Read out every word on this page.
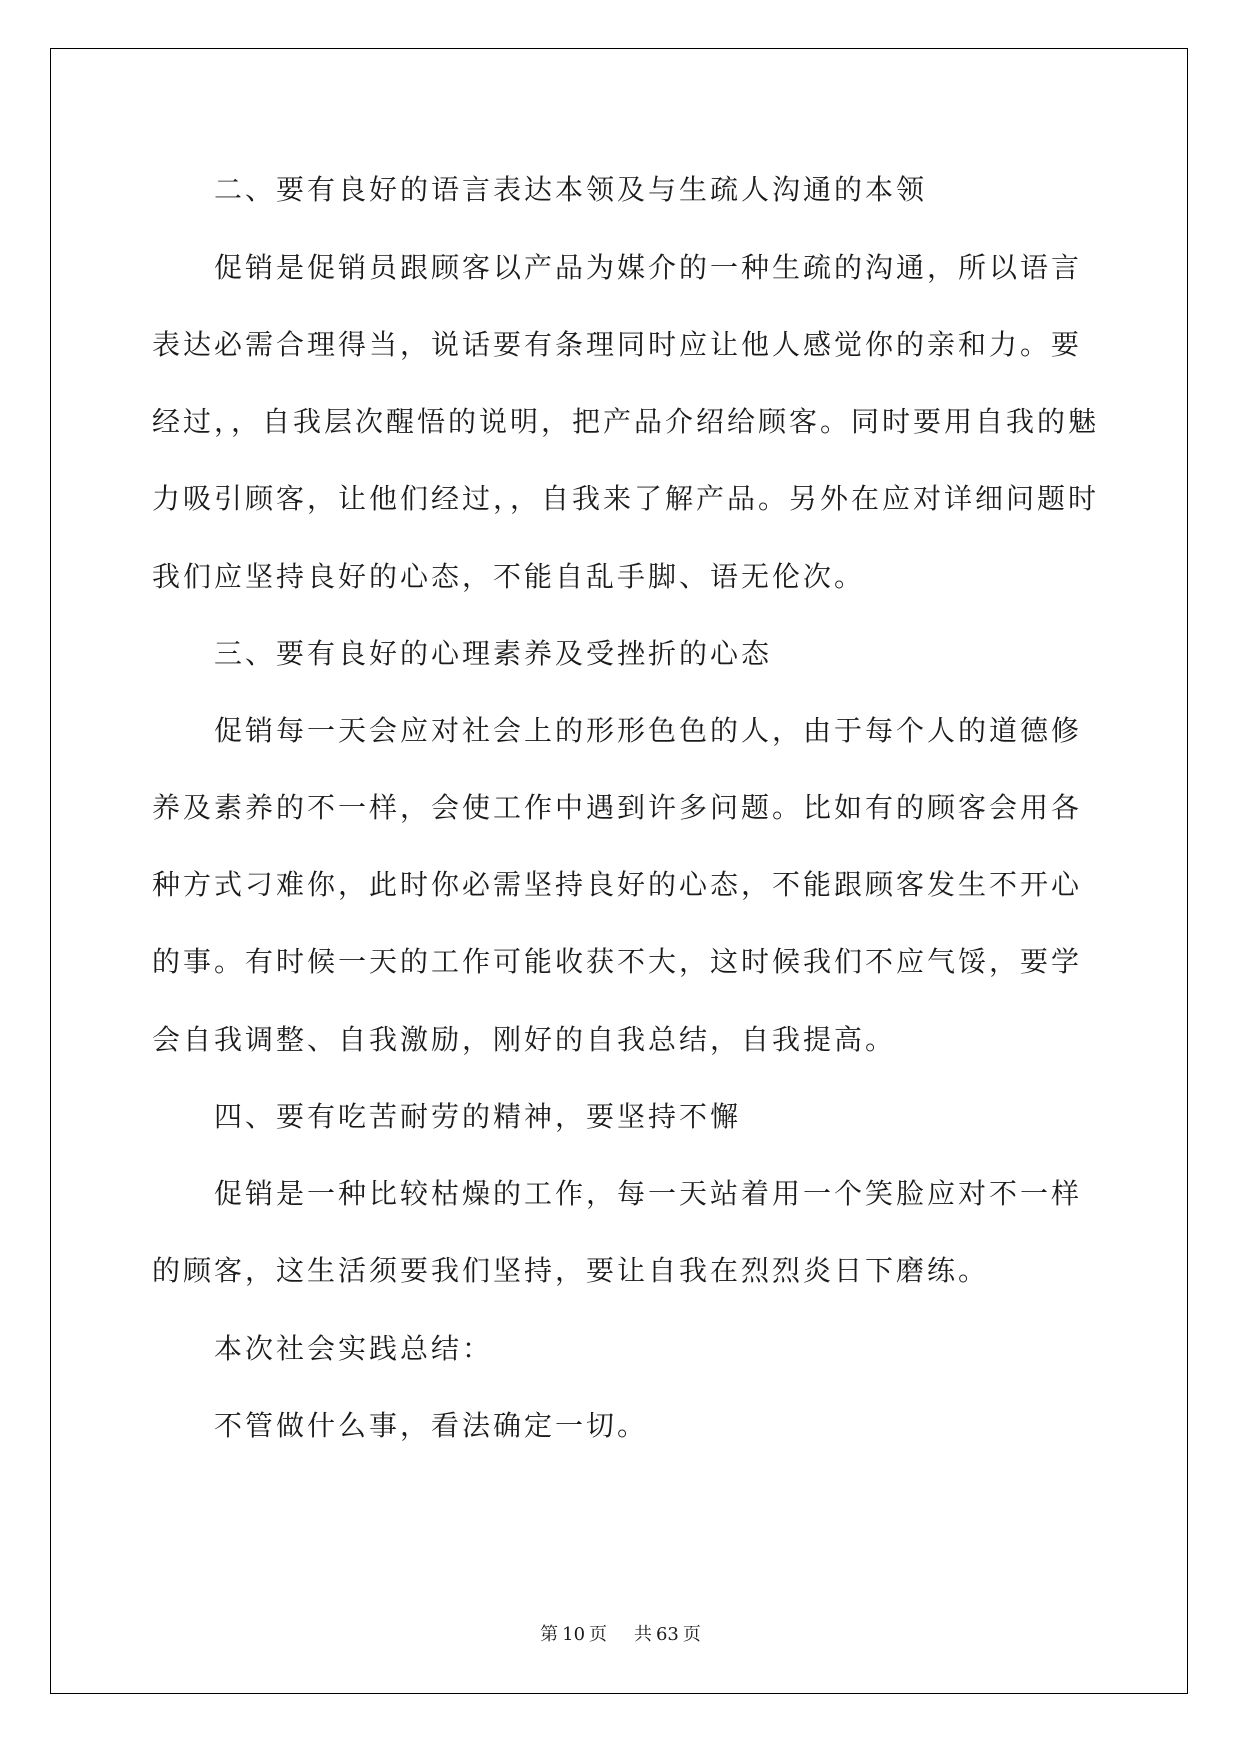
二、要有良好的语言表达本领及与生疏人沟通的本领
促销是促销员跟顾客以产品为媒介的一种生疏的沟通，所以语言
表达必需合理得当，说话要有条理同时应让他人感觉你的亲和力。要
经过，，自我层次醒悟的说明，把产品介绍给顾客。同时要用自我的魅
力吸引顾客，让他们经过，，自我来了解产品。另外在应对详细问题时
我们应坚持良好的心态，不能自乱手脚、语无伦次。
三、要有良好的心理素养及受挫折的心态
促销每一天会应对社会上的形形色色的人，由于每个人的道德修
养及素养的不一样，会使工作中遇到许多问题。比如有的顾客会用各
种方式刁难你，此时你必需坚持良好的心态，不能跟顾客发生不开心
的事。有时候一天的工作可能收获不大，这时候我们不应气馁，要学
会自我调整、自我激励，刚好的自我总结，自我提高。
四、要有吃苦耐劳的精神，要坚持不懈
促销是一种比较枯燥的工作，每一天站着用一个笑脸应对不一样
的顾客，这生活须要我们坚持，要让自我在烈烈炎日下磨练。
本次社会实践总结：
不管做什么事，看法确定一切。
第 10 页 共 63 页
